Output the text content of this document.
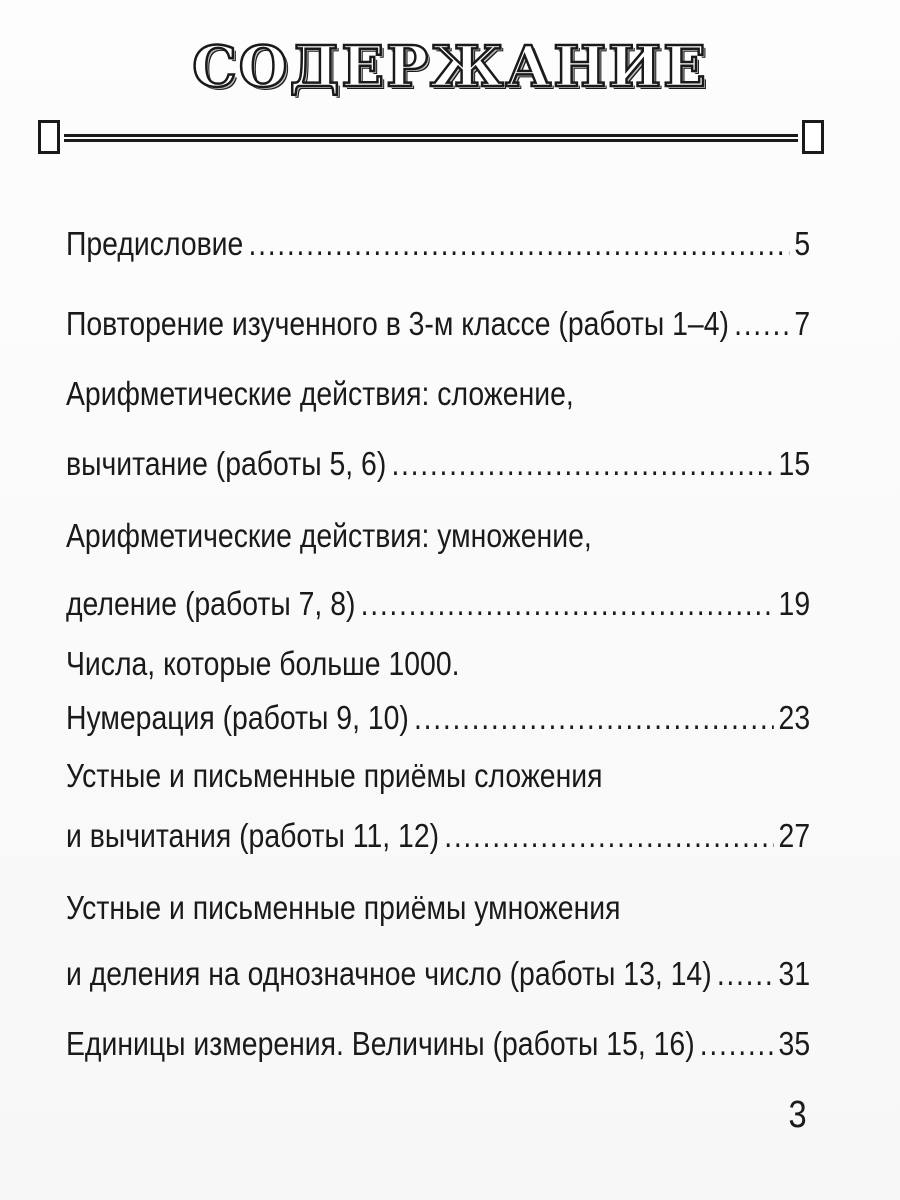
СОДЕРЖАНИЕ
Предисловие .....	5
Повторение изученного в 3-м классе (работы 1–4) ..... 7
Арифметические действия: сложение,
вычитание (работы 5, 6) .....	15
Арифметические действия: умножение,
деление (работы 7, 8) .....	19
Числа, которые больше 1000.
Нумерация (работы 9, 10) .....	23
Устные и письменные приёмы сложения
и вычитания (работы 11, 12) .....	27
Устные и письменные приёмы умножения
и деления на однозначное число (работы 13, 14) ..... 31
Единицы измерения. Величины (работы 15, 16) .....	35
3
